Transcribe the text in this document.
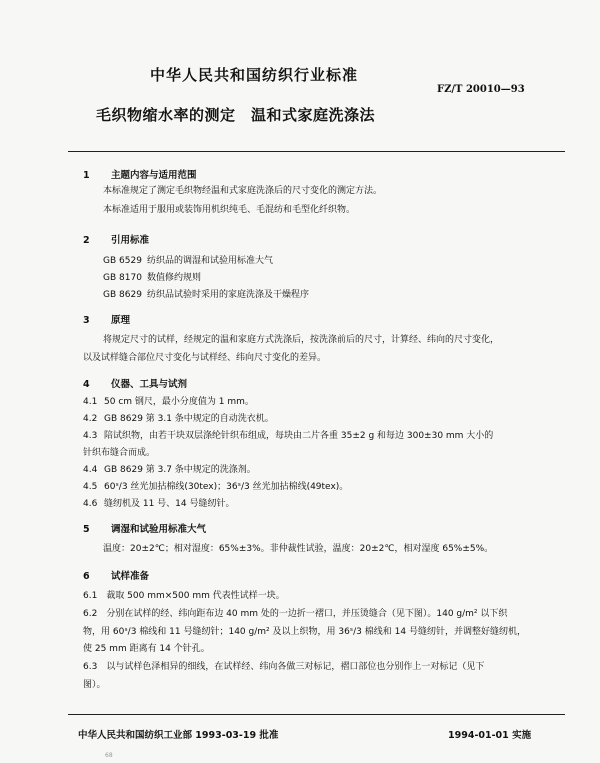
中华人民共和国纺织行业标准
FZ/T 20010—93
毛织物缩水率的测定　温和式家庭洗涤法
1 主题内容与适用范围
本标准规定了测定毛织物经温和式家庭洗涤后的尺寸变化的测定方法。
本标准适用于服用或装饰用机织纯毛、毛混纺和毛型化纤织物。
2 引用标准
GB 6529 纺织品的调湿和试验用标准大气
GB 8170 数值修约规则
GB 8629 纺织品试验时采用的家庭洗涤及干燥程序
3 原理
将规定尺寸的试样，经规定的温和家庭方式洗涤后，按洗涤前后的尺寸，计算经、纬向的尺寸变化，
以及试样缝合部位尺寸变化与试样经、纬向尺寸变化的差异。
4 仪器、工具与试剂
4.1 50 cm 钢尺，最小分度值为 1 mm。
4.2 GB 8629 第 3.1 条中规定的自动洗衣机。
4.3 陪试织物，由若干块双层涤纶针织布组成，每块由二片各重 35±2 g 和每边 300±30 mm 大小的
针织布缝合而成。
4.4 GB 8629 第 3.7 条中规定的洗涤剂。
4.5 60ˢ/3 丝光加拈棉线(30tex)；36ˢ/3 丝光加拈棉线(49tex)。
4.6 缝纫机及 11 号、14 号缝纫针。
5 调湿和试验用标准大气
温度：20±2℃；相对湿度：65%±3%。非仲裁性试验，温度：20±2℃，相对湿度 65%±5%。
6 试样准备
6.1　裁取 500 mm×500 mm 代表性试样一块。
6.2　分别在试样的经、纬向距布边 40 mm 处的一边折一褶口，并压烫缝合（见下图）。140 g/m² 以下织
物，用 60ˢ/3 棉线和 11 号缝纫针；140 g/m² 及以上织物，用 36ˢ/3 棉线和 14 号缝纫针，并调整好缝纫机，
使 25 mm 距离有 14 个针孔。
6.3　以与试样色泽相异的细线，在试样经、纬向各做三对标记，褶口部位也分别作上一对标记（见下
图）。
中华人民共和国纺织工业部 1993-03-19 批准	1994-01-01 实施
68
